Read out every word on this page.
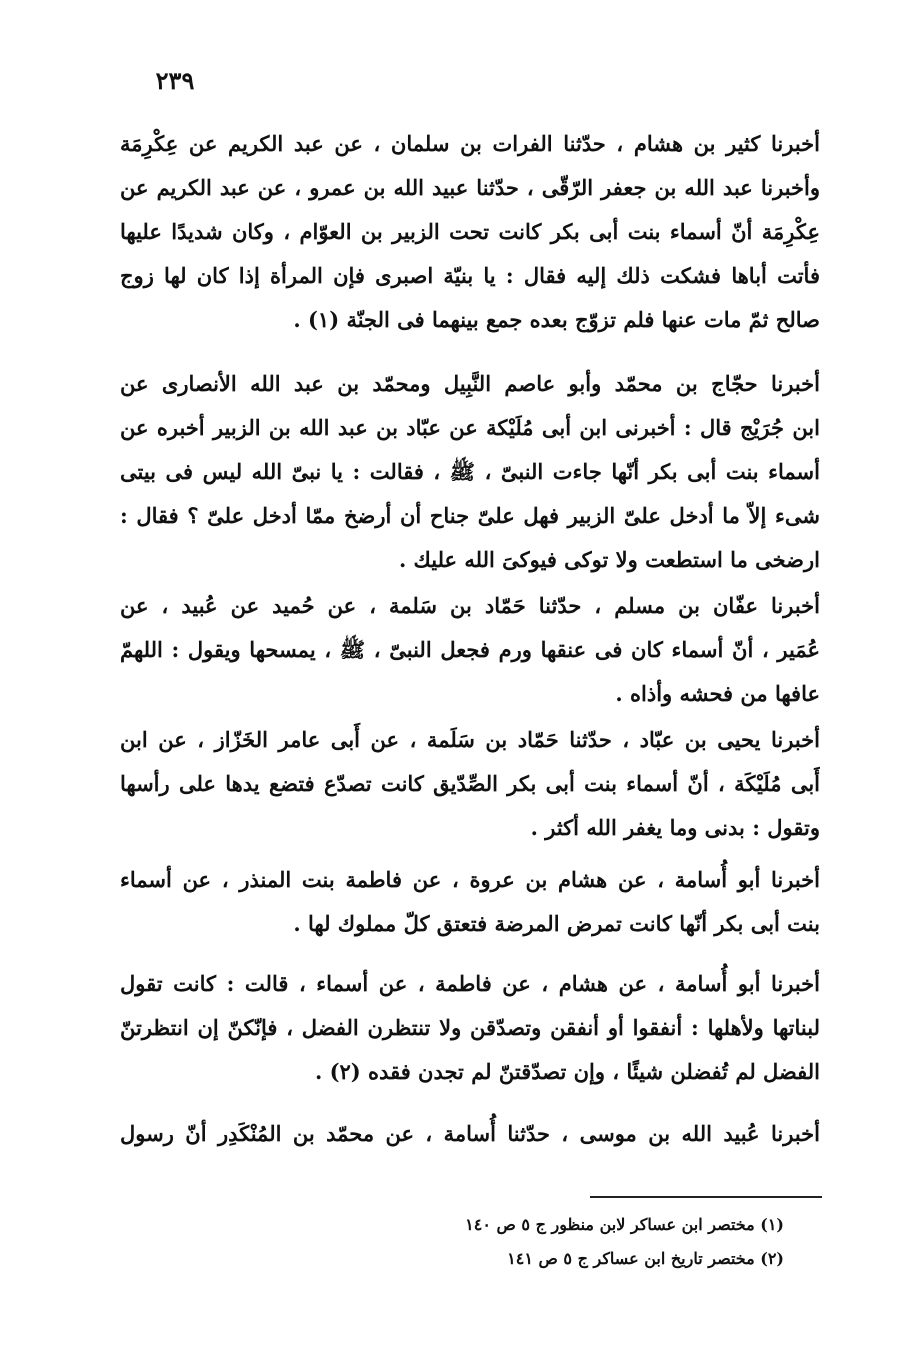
٢٣٩
أخبرنا كثير بن هشام ، حدّثنا الفرات بن سلمان ، عن عبد الكريم عن عِكْرِمَة
وأخبرنا عبد الله بن جعفر الرّقّى ، حدّثنا عبيد الله بن عمرو ، عن عبد الكريم عن
عِكْرِمَة أنّ أسماء بنت أبى بكر كانت تحت الزبير بن العوّام ، وكان شديدًا عليها
فأتت أباها فشكت ذلك إليه فقال : يا بنيّة اصبرى فإن المرأة إذا كان لها زوج
صالح ثمّ مات عنها فلم تزوّج بعده جمع بينهما فى الجنّة (١) .
أخبرنا حجّاج بن محمّد وأبو عاصم النَّبِيل ومحمّد بن عبد الله الأنصارى عن
ابن جُرَيْج قال : أخبرنى ابن أبى مُلَيْكة عن عبّاد بن عبد الله بن الزبير أخبره عن
أسماء بنت أبى بكر أنّها جاءت النبىّ ، ﷺ ، فقالت : يا نبىّ الله ليس فى بيتى
شىء إلاّ ما أدخل علىّ الزبير فهل علىّ جناح أن أرضخ ممّا أدخل علىّ ؟ فقال :
ارضخى ما استطعت ولا توكى فيوكىَ الله عليك .
أخبرنا عفّان بن مسلم ، حدّثنا حَمّاد بن سَلمة ، عن حُميد عن عُبيد ، عن
عُمَير ، أنّ أسماء كان فى عنقها ورم فجعل النبىّ ، ﷺ ، يمسحها ويقول : اللهمّ
عافها من فحشه وأذاه .
أخبرنا يحيى بن عبّاد ، حدّثنا حَمّاد بن سَلَمة ، عن أَبى عامر الخَزّاز ، عن ابن
أَبى مُلَيْكَة ، أنّ أسماء بنت أبى بكر الصِّدّيق كانت تصدّع فتضع يدها على رأسها
وتقول : بدنى وما يغفر الله أكثر .
أخبرنا أبو أُسامة ، عن هشام بن عروة ، عن فاطمة بنت المنذر ، عن أسماء
بنت أبى بكر أنّها كانت تمرض المرضة فتعتق كلّ مملوك لها .
أخبرنا أبو أُسامة ، عن هشام ، عن فاطمة ، عن أسماء ، قالت : كانت تقول
لبناتها ولأهلها : أنفقوا أو أنفقن وتصدّقن ولا تنتظرن الفضل ، فإنّكنّ إن انتظرتنّ
الفضل لم تُفضلن شيئًا ، وإن تصدّقتنّ لم تجدن فقده (٢) .
أخبرنا عُبيد الله بن موسى ، حدّثنا أُسامة ، عن محمّد بن المُنْكَدِر أنّ رسول
(١) مختصر ابن عساكر لابن منظور ج ٥ ص ١٤٠
(٢) مختصر تاريخ ابن عساكر ج ٥ ص ١٤١
